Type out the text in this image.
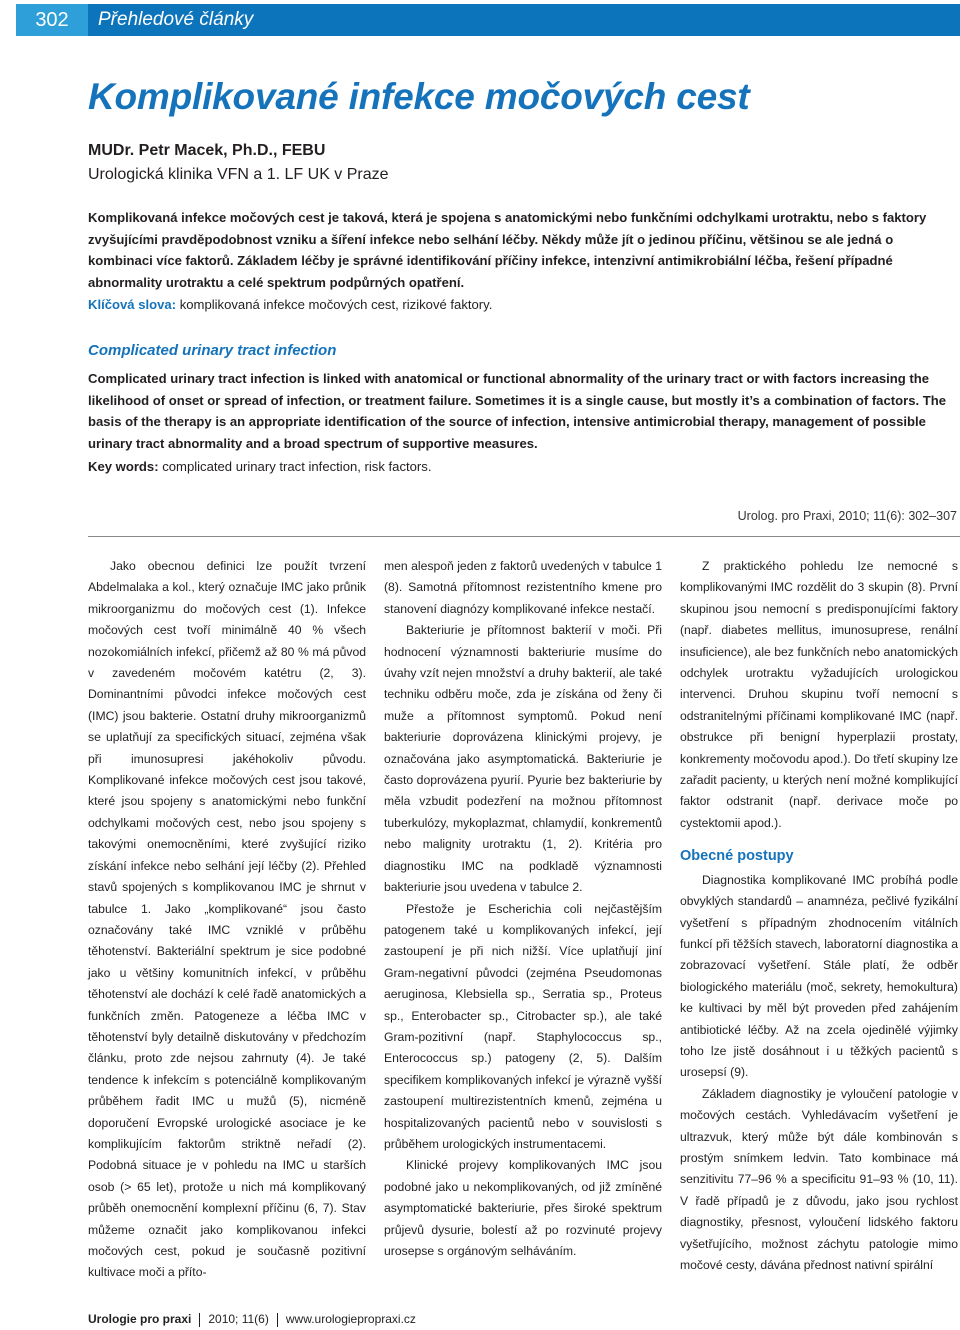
302	Přehledové články
Komplikované infekce močových cest
MUDr. Petr Macek, Ph.D., FEBU
Urologická klinika VFN a 1. LF UK v Praze

Komplikovaná infekce močových cest je taková, která je spojena s anatomickými nebo funkčními odchylkami urotraktu, nebo s faktory zvyšujícími pravděpodobnost vzniku a šíření infekce nebo selhání léčby. Někdy může jít o jedinou příčinu, většinou se ale jedná o kombinaci více faktorů. Základem léčby je správné identifikování příčiny infekce, intenzivní antimikrobiální léčba, řešení případné abnormality urotraktu a celé spektrum podpůrných opatření.

Klíčová slova: komplikovaná infekce močových cest, rizikové faktory.
Complicated urinary tract infection
Complicated urinary tract infection is linked with anatomical or functional abnormality of the urinary tract or with factors increasing the likelihood of onset or spread of infection, or treatment failure. Sometimes it is a single cause, but mostly it’s a combination of factors. The basis of the therapy is an appropriate identification of the source of infection, intensive antimicrobial therapy, management of possible urinary tract abnormality and a broad spectrum of supportive measures.
Key words: complicated urinary tract infection, risk factors.
Urolog. pro Praxi, 2010; 11(6): 302–307

Jako obecnou definici lze použít tvrzení Abdelmalaka a kol., který označuje IMC jako průnik mikroorganizmu do močových cest (1). Infekce močových cest tvoří minimálně 40 % všech nozokomiálních infekcí, přičemž až 80 % má původ v zavedeném močovém katétru (2, 3). Dominantními původci infekce močových cest (IMC) jsou bakterie. Ostatní druhy mikroorganizmů se uplatňují za specifických situací, zejména však při imunosupresi jakéhokoliv původu. Komplikované infekce močových cest jsou takové, které jsou spojeny s anatomickými nebo funkční odchylkami močových cest, nebo jsou spojeny s takovými onemocněními, které zvyšující riziko získání infekce nebo selhání její léčby (2). Přehled stavů spojených s komplikovanou IMC je shrnut v tabulce 1. Jako „komplikované“ jsou často označovány také IMC vzniklé v průběhu těhotenství. Bakteriální spektrum je sice podobné jako u většiny komunitních infekcí, v průběhu těhotenství ale dochází k celé řadě anatomických a funkčních změn. Patogeneze a léčba IMC v těhotenství byly detailně diskutovány v předchozím článku, proto zde nejsou zahrnuty (4). Je také tendence k infekcím s potenciálně komplikovaným průběhem řadit IMC u mužů (5), nicméně doporučení Evropské urologické asociace je ke komplikujícím faktorům striktně neřadí (2). Podobná situace je v pohledu na IMC u starších osob (> 65 let), protože u nich má komplikovaný průběh onemocnění komplexní příčinu (6, 7). Stav můžeme označit jako komplikovanou infekci močových cest, pokud je současně pozitivní kultivace moči a příto-

men alespoň jeden z faktorů uvedených v tabulce 1 (8). Samotná přítomnost rezistentního kmene pro stanovení diagnózy komplikované infekce nestačí.

Bakteriurie je přítomnost bakterií v moči. Při hodnocení významnosti bakteriurie musíme do úvahy vzít nejen množství a druhy bakterií, ale také techniku odběru moče, zda je získána od ženy či muže a přítomnost symptomů. Pokud není bakteriurie doprovázena klinickými projevy, je označována jako asymptomatická. Bakteriurie je často doprovázena pyurií. Pyurie bez bakteriurie by měla vzbudit podezření na možnou přítomnost tuberkulózy, mykoplazmat, chlamydií, konkrementů nebo malignity urotraktu (1, 2). Kritéria pro diagnostiku IMC na podkladě významnosti bakteriurie jsou uvedena v tabulce 2.

Přestože je Escherichia coli nejčastějším patogenem také u komplikovaných infekcí, její zastoupení je při nich nižší. Více uplatňují jiní Gram-negativní původci (zejména Pseudomonas aeruginosa, Klebsiella sp., Serratia sp., Proteus sp., Enterobacter sp., Citrobacter sp.), ale také Gram-pozitivní (např. Staphylococcus sp., Enterococcus sp.) patogeny (2, 5). Dalším specifikem komplikovaných infekcí je výrazně vyšší zastoupení multirezistentních kmenů, zejména u hospitalizovaných pacientů nebo v souvislosti s průběhem urologických instrumentacemi.

Klinické projevy komplikovaných IMC jsou podobné jako u nekomplikovaných, od již zmíněné asymptomatické bakteriurie, přes široké spektrum průjevů dysurie, bolestí až po rozvinuté projevy urosepse s orgánovým selháváním.

Z praktického pohledu lze nemocné s komplikovanými IMC rozdělit do 3 skupin (8). První skupinou jsou nemocní s predisponujícími faktory (např. diabetes mellitus, imunosuprese, renální insuficience), ale bez funkčních nebo anatomických odchylek urotraktu vyžadujících urologickou intervenci. Druhou skupinu tvoří nemocní s odstranitelnými příčinami komplikované IMC (např. obstrukce při benigní hyperplazii prostaty, konkrementy močovodu apod.). Do třetí skupiny lze zařadit pacienty, u kterých není možné komplikující faktor odstranit (např. derivace moče po cystektomii apod.).

Obecné postupy

Diagnostika komplikované IMC probíhá podle obvyklých standardů – anamnéza, pečlivé fyzikální vyšetření s případným zhodnocením vitálních funkcí při těžších stavech, laboratorní diagnostika a zobrazovací vyšetření. Stále platí, že odběr biologického materiálu (moč, sekrety, hemokultura) ke kultivaci by měl být proveden před zahájením antibiotické léčby. Až na zcela ojedinělé výjimky toho lze jistě dosáhnout i u těžkých pacientů s urosepsí (9).

Základem diagnostiky je vyloučení patologie v močových cestách. Vyhledávacím vyšetření je ultrazvuk, který může být dále kombinován s prostým snímkem ledvin. Tato kombinace má senzitivitu 77–96 % a specificitu 91–93 % (10, 11). V řadě případů je z důvodu, jako jsou rychlost diagnostiky, přesnost, vyloučení lidského faktoru vyšetřujícího, možnost záchytu patologie mimo močové cesty, dávána přednost nativní spirální

Urologie pro praxi 2010; 11(6) www.urologiepropraxi.cz
